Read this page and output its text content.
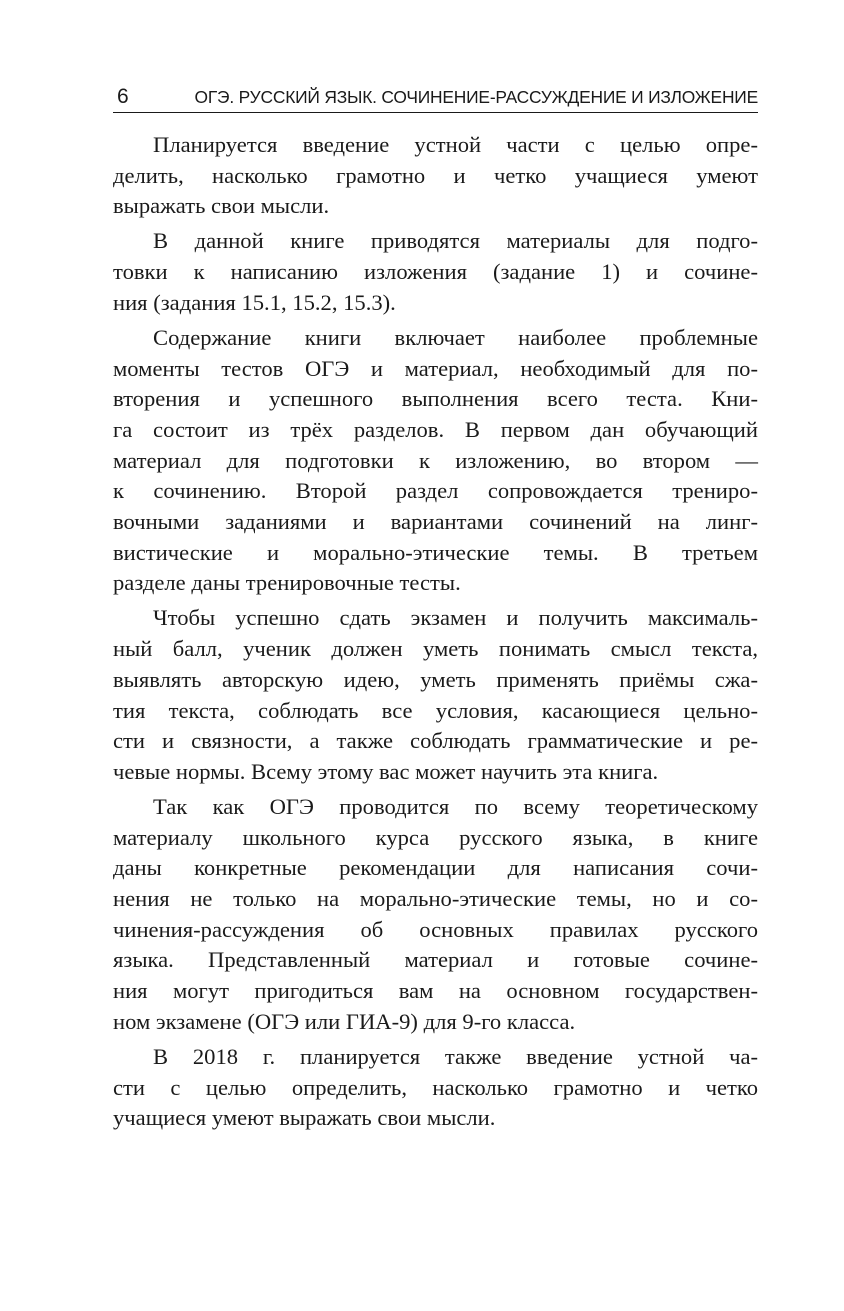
6	ОГЭ. РУССКИЙ ЯЗЫК. СОЧИНЕНИЕ-РАССУЖДЕНИЕ И ИЗЛОЖЕНИЕ

Планируется введение устной части с целью опре-
делить, насколько грамотно и четко учащиеся умеют
выражать свои мысли.

В данной книге приводятся материалы для подго-
товки к написанию изложения (задание 1) и сочине-
ния (задания 15.1, 15.2, 15.3).

Содержание книги включает наиболее проблемные
моменты тестов ОГЭ и материал, необходимый для по-
вторения и успешного выполнения всего теста. Кни-
га состоит из трёх разделов. В первом дан обучающий
материал для подготовки к изложению, во втором —
к сочинению. Второй раздел сопровождается трениро-
вочными заданиями и вариантами сочинений на линг-
вистические и морально-этические темы. В третьем
разделе даны тренировочные тесты.

Чтобы успешно сдать экзамен и получить максималь-
ный балл, ученик должен уметь понимать смысл текста,
выявлять авторскую идею, уметь применять приёмы сжа-
тия текста, соблюдать все условия, касающиеся цельно-
сти и связности, а также соблюдать грамматические и ре-
чевые нормы. Всему этому вас может научить эта книга.

Так как ОГЭ проводится по всему теоретическому
материалу школьного курса русского языка, в книге
даны конкретные рекомендации для написания сочи-
нения не только на морально-этические темы, но и со-
чинения-рассуждения об основных правилах русского
языка. Представленный материал и готовые сочине-
ния могут пригодиться вам на основном государствен-
ном экзамене (ОГЭ или ГИА-9) для 9-го класса.

В 2018 г. планируется также введение устной ча-
сти с целью определить, насколько грамотно и четко
учащиеся умеют выражать свои мысли.
